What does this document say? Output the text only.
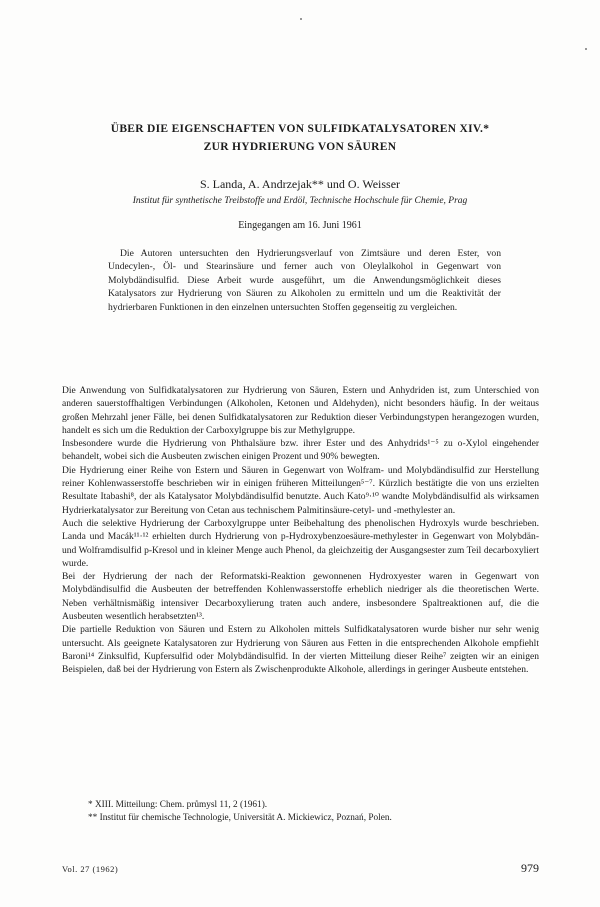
ÜBER DIE EIGENSCHAFTEN VON SULFIDKATALYSATOREN XIV.*
ZUR HYDRIERUNG VON SÄUREN
S. Landa, A. Andrzejak** und O. Weisser
Institut für synthetische Treibstoffe und Erdöl, Technische Hochschule für Chemie, Prag
Eingegangen am 16. Juni 1961
Die Autoren untersuchten den Hydrierungsverlauf von Zimtsäure und deren Ester, von Undecylen-, Öl- und Stearinsäure und ferner auch von Oleylalkohol in Gegenwart von Molybdändisulfid. Diese Arbeit wurde ausgeführt, um die Anwendungsmöglichkeit dieses Katalysators zur Hydrierung von Säuren zu Alkoholen zu ermitteln und um die Reaktivität der hydrierbaren Funktionen in den einzelnen untersuchten Stoffen gegenseitig zu vergleichen.

Die Anwendung von Sulfidkatalysatoren zur Hydrierung von Säuren, Estern und Anhydriden ist, zum Unterschied von anderen sauerstoffhaltigen Verbindungen (Alkoholen, Ketonen und Aldehyden), nicht besonders häufig. In der weitaus großen Mehrzahl jener Fälle, bei denen Sulfidkatalysatoren zur Reduktion dieser Verbindungstypen herangezogen wurden, handelt es sich um die Reduktion der Carboxylgruppe bis zur Methylgruppe.

Insbesondere wurde die Hydrierung von Phthalsäure bzw. ihrer Ester und des Anhydrids¹⁻⁵ zu o-Xylol eingehender behandelt, wobei sich die Ausbeuten zwischen einigen Prozent und 90% bewegten.

Die Hydrierung einer Reihe von Estern und Säuren in Gegenwart von Wolfram- und Molybdändisulfid zur Herstellung reiner Kohlenwasserstoffe beschrieben wir in einigen früheren Mitteilungen⁵⁻⁷. Kürzlich bestätigte die von uns erzielten Resultate Itabashi⁸, der als Katalysator Molybdändisulfid benutzte. Auch Kato⁹·¹⁰ wandte Molybdändisulfid als wirksamen Hydrierkatalysator zur Bereitung von Cetan aus technischem Palmitinsäure-cetyl- und -methylester an.

Auch die selektive Hydrierung der Carboxylgruppe unter Beibehaltung des phenolischen Hydroxyls wurde beschrieben. Landa und Macák¹¹·¹² erhielten durch Hydrierung von p-Hydroxybenzoesäure-methylester in Gegenwart von Molybdän- und Wolframdisulfid p-Kresol und in kleiner Menge auch Phenol, da gleichzeitig der Ausgangsester zum Teil decarboxyliert wurde.

Bei der Hydrierung der nach der Reformatski-Reaktion gewonnenen Hydroxyester waren in Gegenwart von Molybdändisulfid die Ausbeuten der betreffenden Kohlenwasserstoffe erheblich niedriger als die theoretischen Werte. Neben verhältnismäßig intensiver Decarboxylierung traten auch andere, insbesondere Spaltreaktionen auf, die die Ausbeuten wesentlich herabsetzten¹³.

Die partielle Reduktion von Säuren und Estern zu Alkoholen mittels Sulfidkatalysatoren wurde bisher nur sehr wenig untersucht. Als geeignete Katalysatoren zur Hydrierung von Säuren aus Fetten in die entsprechenden Alkohole empfiehlt Baroni¹⁴ Zinksulfid, Kupfersulfid oder Molybdändisulfid. In der vierten Mitteilung dieser Reihe⁷ zeigten wir an einigen Beispielen, daß bei der Hydrierung von Estern als Zwischenprodukte Alkohole, allerdings in geringer Ausbeute entstehen.

* XIII. Mitteilung: Chem. průmysl 11, 2 (1961).
** Institut für chemische Technologie, Universität A. Mickiewicz, Poznań, Polen.
Vol. 27 (1962)	979
